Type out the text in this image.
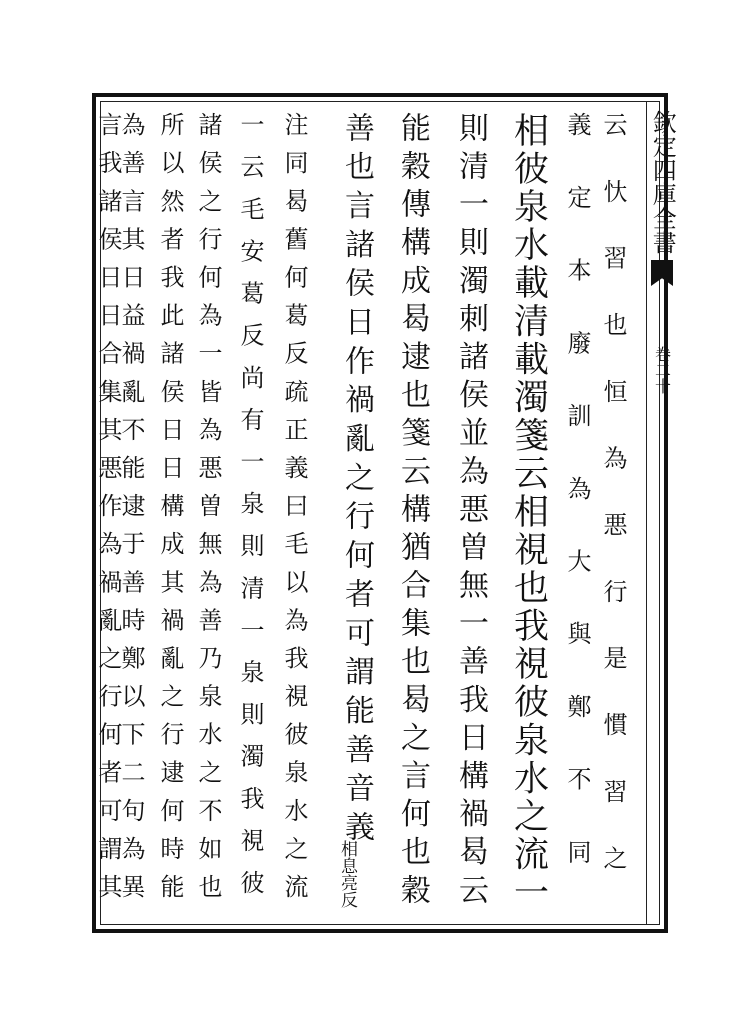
欽定四庫全書
卷二十
云忕習也恒為悪行是慣習之
義定本廢訓為大與鄭不同
相彼泉水載清載濁箋云相視也我視彼泉水之流一
則清一則濁刺諸侯並為悪曽無一善我日構禍曷云
能穀傳構成曷逮也箋云構猶合集也曷之言何也穀
善也言諸侯日作禍亂之行何者可謂能善音義
相息亮反
注同曷舊何葛反疏正義曰毛以為我視彼泉水之流
一云毛安葛反尚有一泉則清一泉則濁我視彼
諸侯之行何為一皆為悪曽無為善乃泉水之不如也
所以然者我此諸侯日日構成其禍亂之行逮何時能
為善言其日益禍亂不能逮于善時鄭以下二句為異
言我諸侯日日合集其悪作為禍亂之行何者可謂其
